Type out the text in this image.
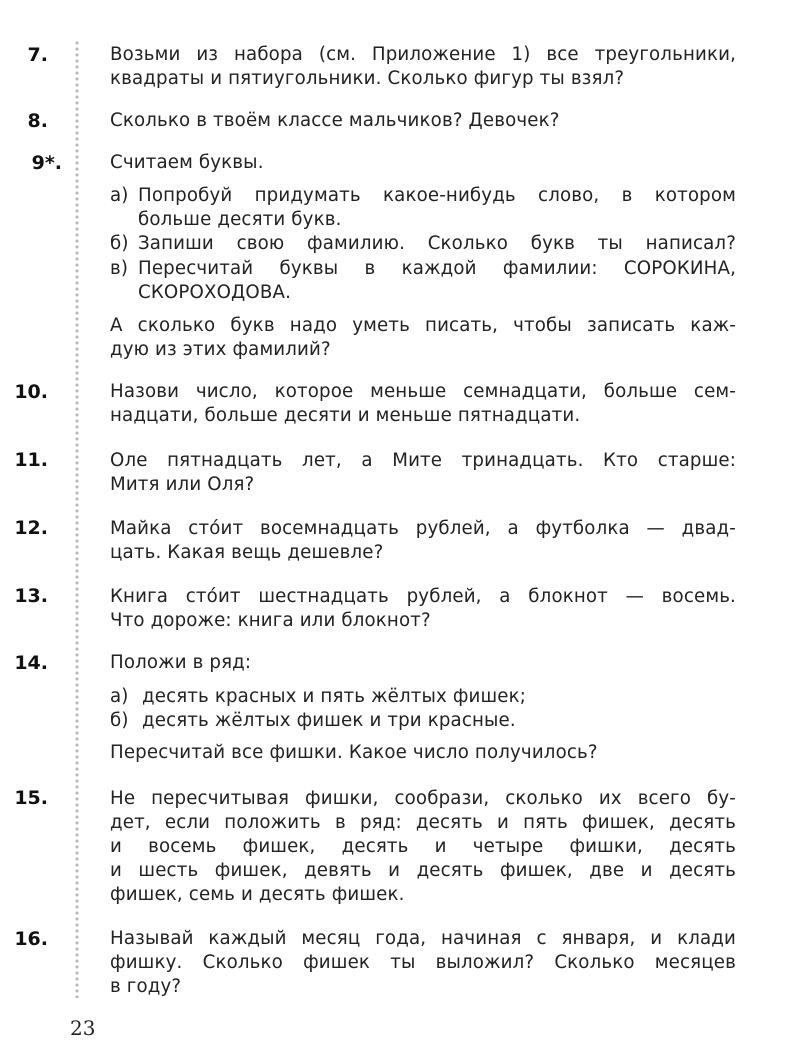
7.	Возьми из набора (см. Приложение 1) все треугольники,
квадраты и пятиугольники. Сколько фигур ты взял?
8.	Сколько в твоём классе мальчиков? Девочек?
9*.	Считаем буквы.
а) Попробуй придумать какое-нибудь слово, в котором
больше десяти букв.
б) Запиши свою фамилию. Сколько букв ты написал?
в) Пересчитай буквы в каждой фамилии: СОРОКИНА,
СКОРОХОДОВА.
А сколько букв надо уметь писать, чтобы записать каж-
дую из этих фамилий?
10.	Назови число, которое меньше семнадцати, больше сем-
надцати, больше десяти и меньше пятнадцати.
11.	Оле пятнадцать лет, а Мите тринадцать. Кто старше:
Митя или Оля?
12.	Майка сто́ит восемнадцать рублей, а футболка — двад-
цать. Какая вещь дешевле?
13.	Книга сто́ит шестнадцать рублей, а блокнот — восемь.
Что дороже: книга или блокнот?
14.	Положи в ряд:
а) десять красных и пять жёлтых фишек;
б) десять жёлтых фишек и три красные.
Пересчитай все фишки. Какое число получилось?
15.	Не пересчитывая фишки, сообрази, сколько их всего бу-
дет, если положить в ряд: десять и пять фишек, десять
и восемь фишек, десять и четыре фишки, десять
и шесть фишек, девять и десять фишек, две и десять
фишек, семь и десять фишек.
16.	Называй каждый месяц года, начиная с января, и клади
фишку. Сколько фишек ты выложил? Сколько месяцев
в году?
23
